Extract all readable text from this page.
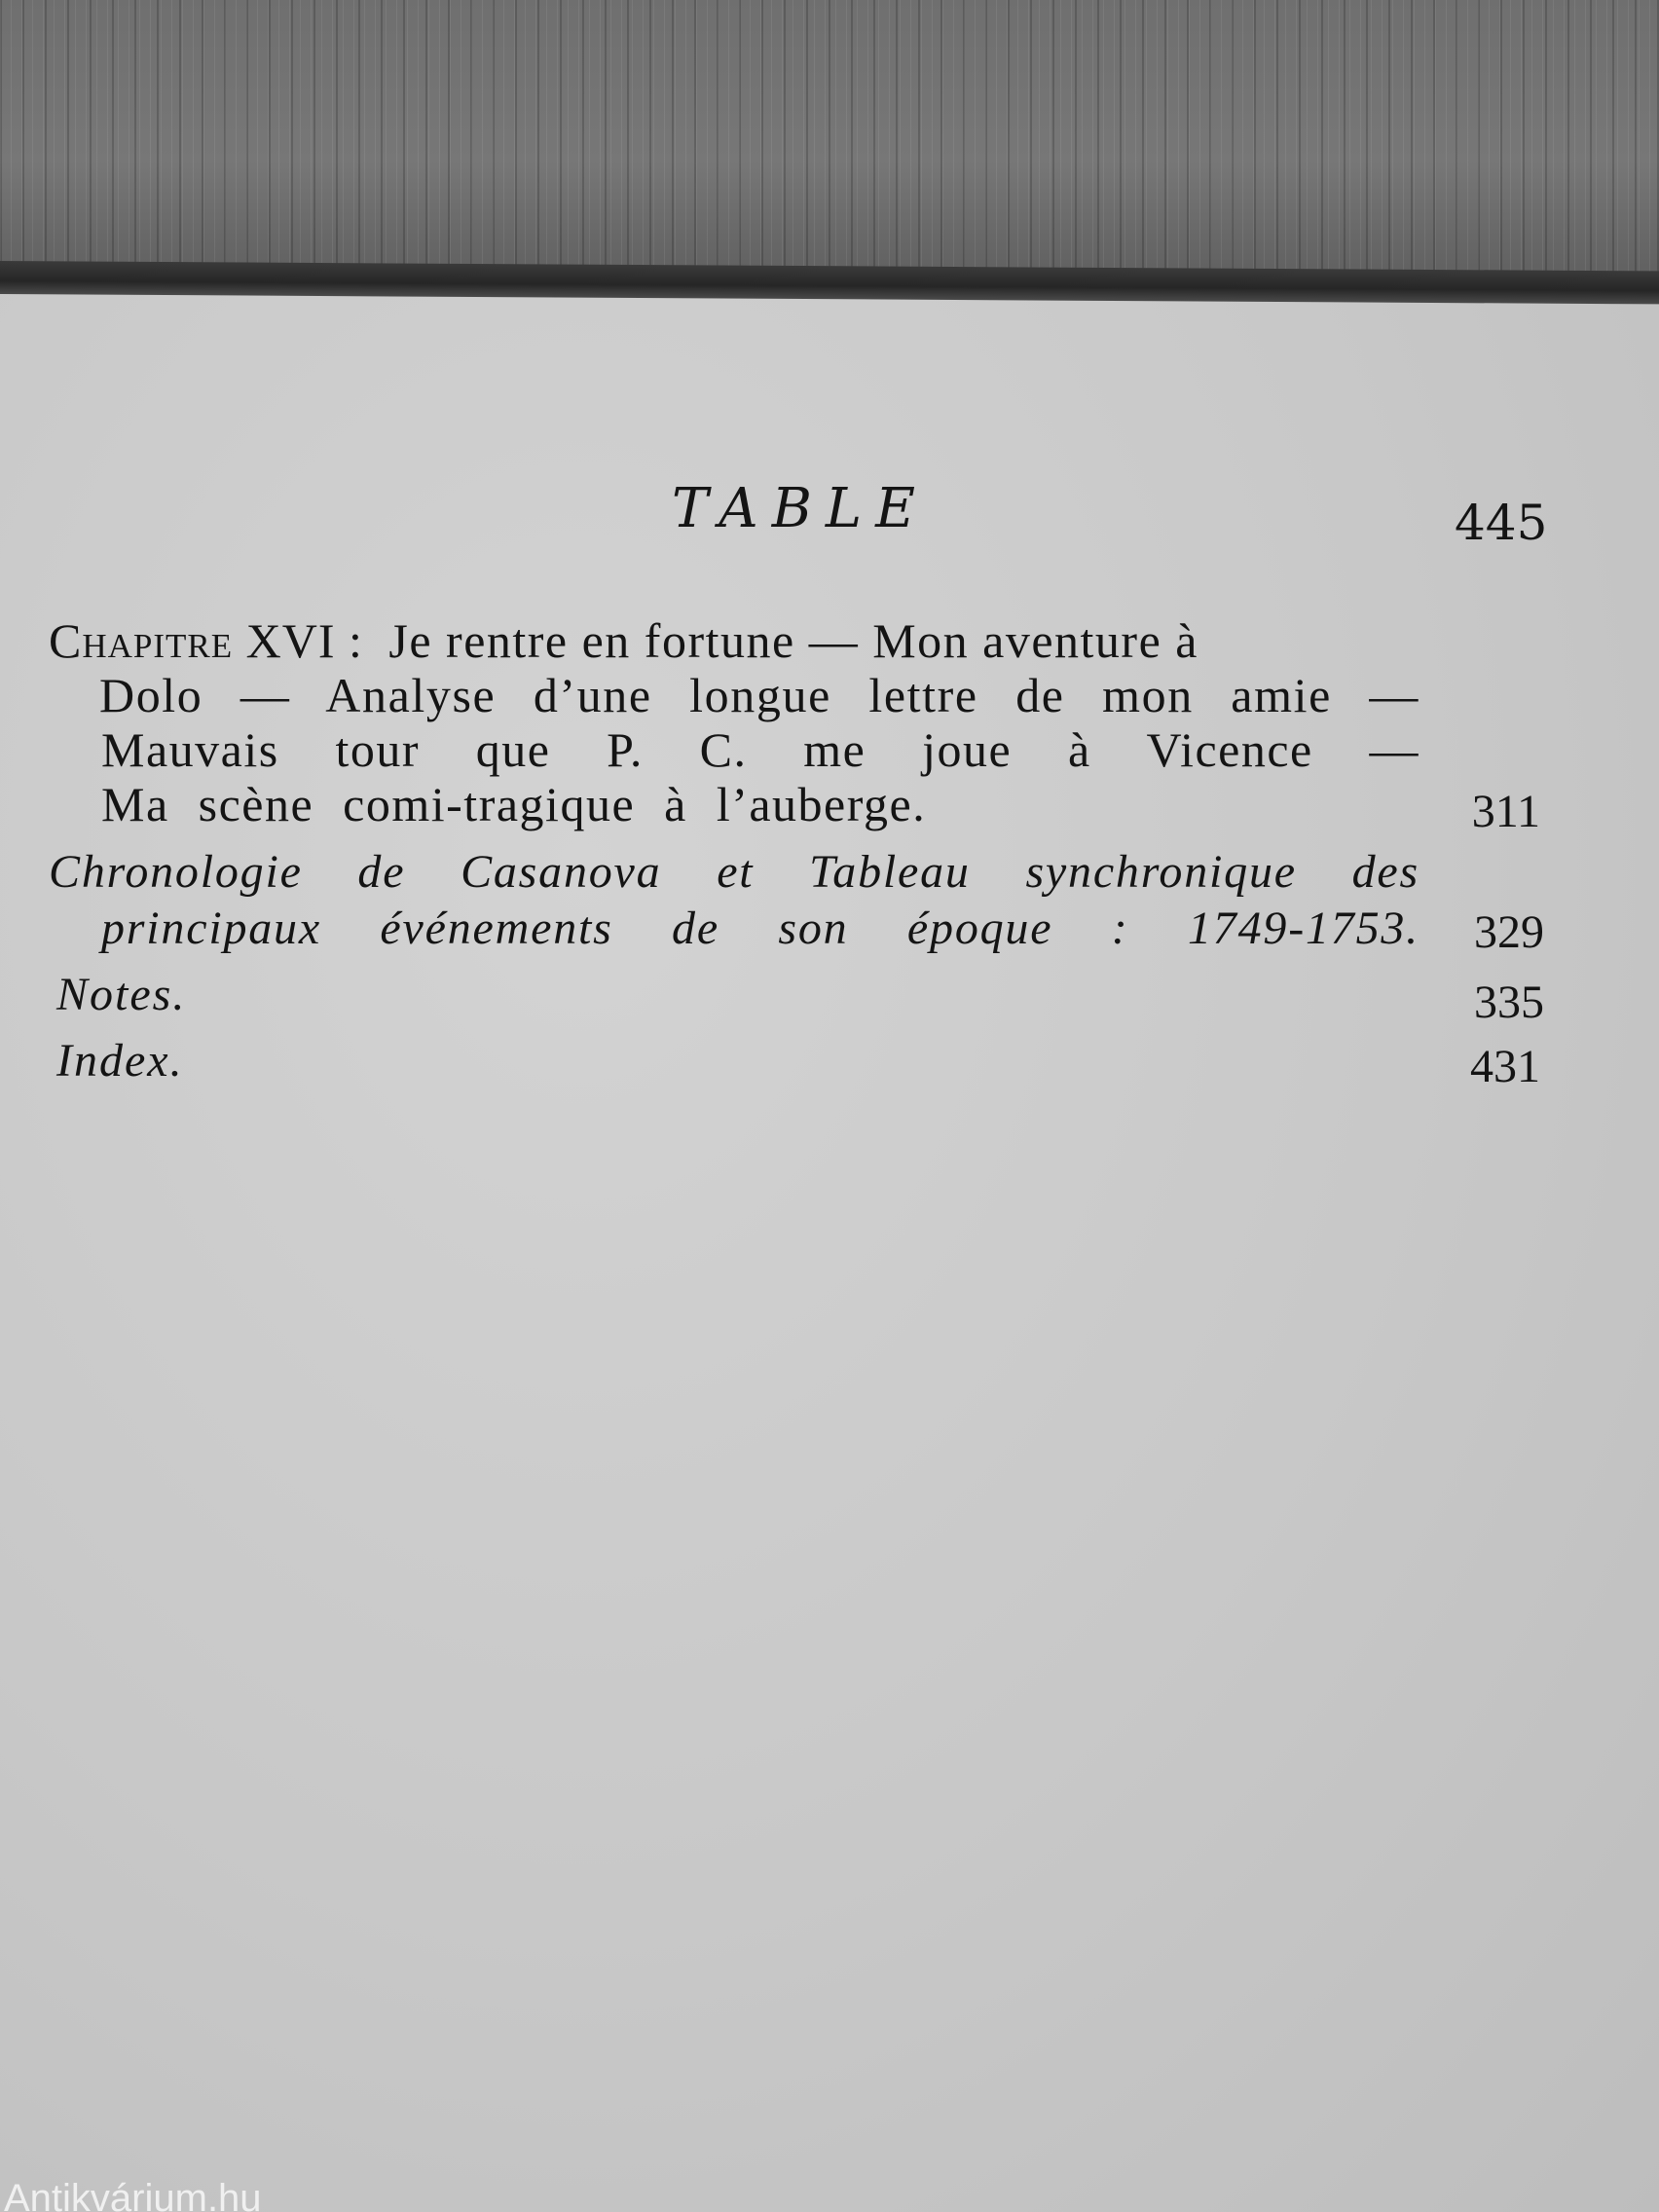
TABLE	445
Chapitre XVI : Je rentre en fortune — Mon aventure à
Dolo — Analyse d’une longue lettre de mon amie —
Mauvais tour que P. C. me joue à Vicence —
Ma scène comi-tragique à l’auberge.	311
Chronologie de Casanova et Tableau synchronique des
principaux événements de son époque : 1749-1753.	329
Notes.	335
Index.	431
Antikvárium.hu
